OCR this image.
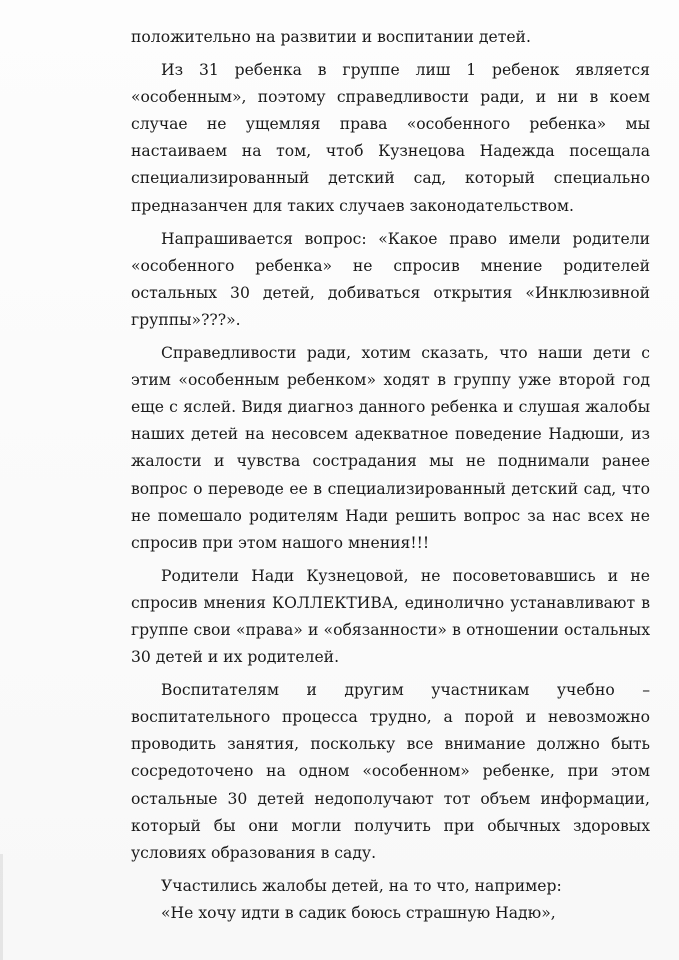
положительно на развитии и воспитании детей.

Из 31 ребенка в группе лиш 1 ребенок является «особенным», поэтому справедливости ради, и ни в коем случае не ущемляя права «особенного ребенка» мы настаиваем на том, чтоб Кузнецова Надежда посещала специализированный детский сад, который специально предназанчен для таких случаев законодательством.

Напрашивается вопрос: «Какое право имели родители «особенного ребенка» не спросив мнение родителей остальных 30 детей, добиваться открытия «Инклюзивной группы»???».

Справедливости ради, хотим сказать, что наши дети с этим «особенным ребенком» ходят в группу уже второй год еще с яслей. Видя диагноз данного ребенка и слушая жалобы наших детей на несовсем адекватное поведение Надюши, из жалости и чувства сострадания мы не поднимали ранее вопрос о переводе ее в специализированный детский сад, что не помешало родителям Нади решить вопрос за нас всех не спросив при этом нашого мнения!!!

Родители Нади Кузнецовой, не посоветовавшись и не спросив мнения КОЛЛЕКТИВА, единолично устанавливают в группе свои «права» и «обязанности» в отношении остальных 30 детей и их родителей.

Воспитателям и другим участникам учебно – воспитательного процесса трудно, а порой и невозможно проводить занятия, поскольку все внимание должно быть сосредоточено на одном «особенном» ребенке, при этом остальные 30 детей недополучают тот объем информации, который бы они могли получить при обычных здоровых условиях образования в саду.

Участились жалобы детей, на то что, например:

«Не хочу идти в садик боюсь страшную Надю»,
